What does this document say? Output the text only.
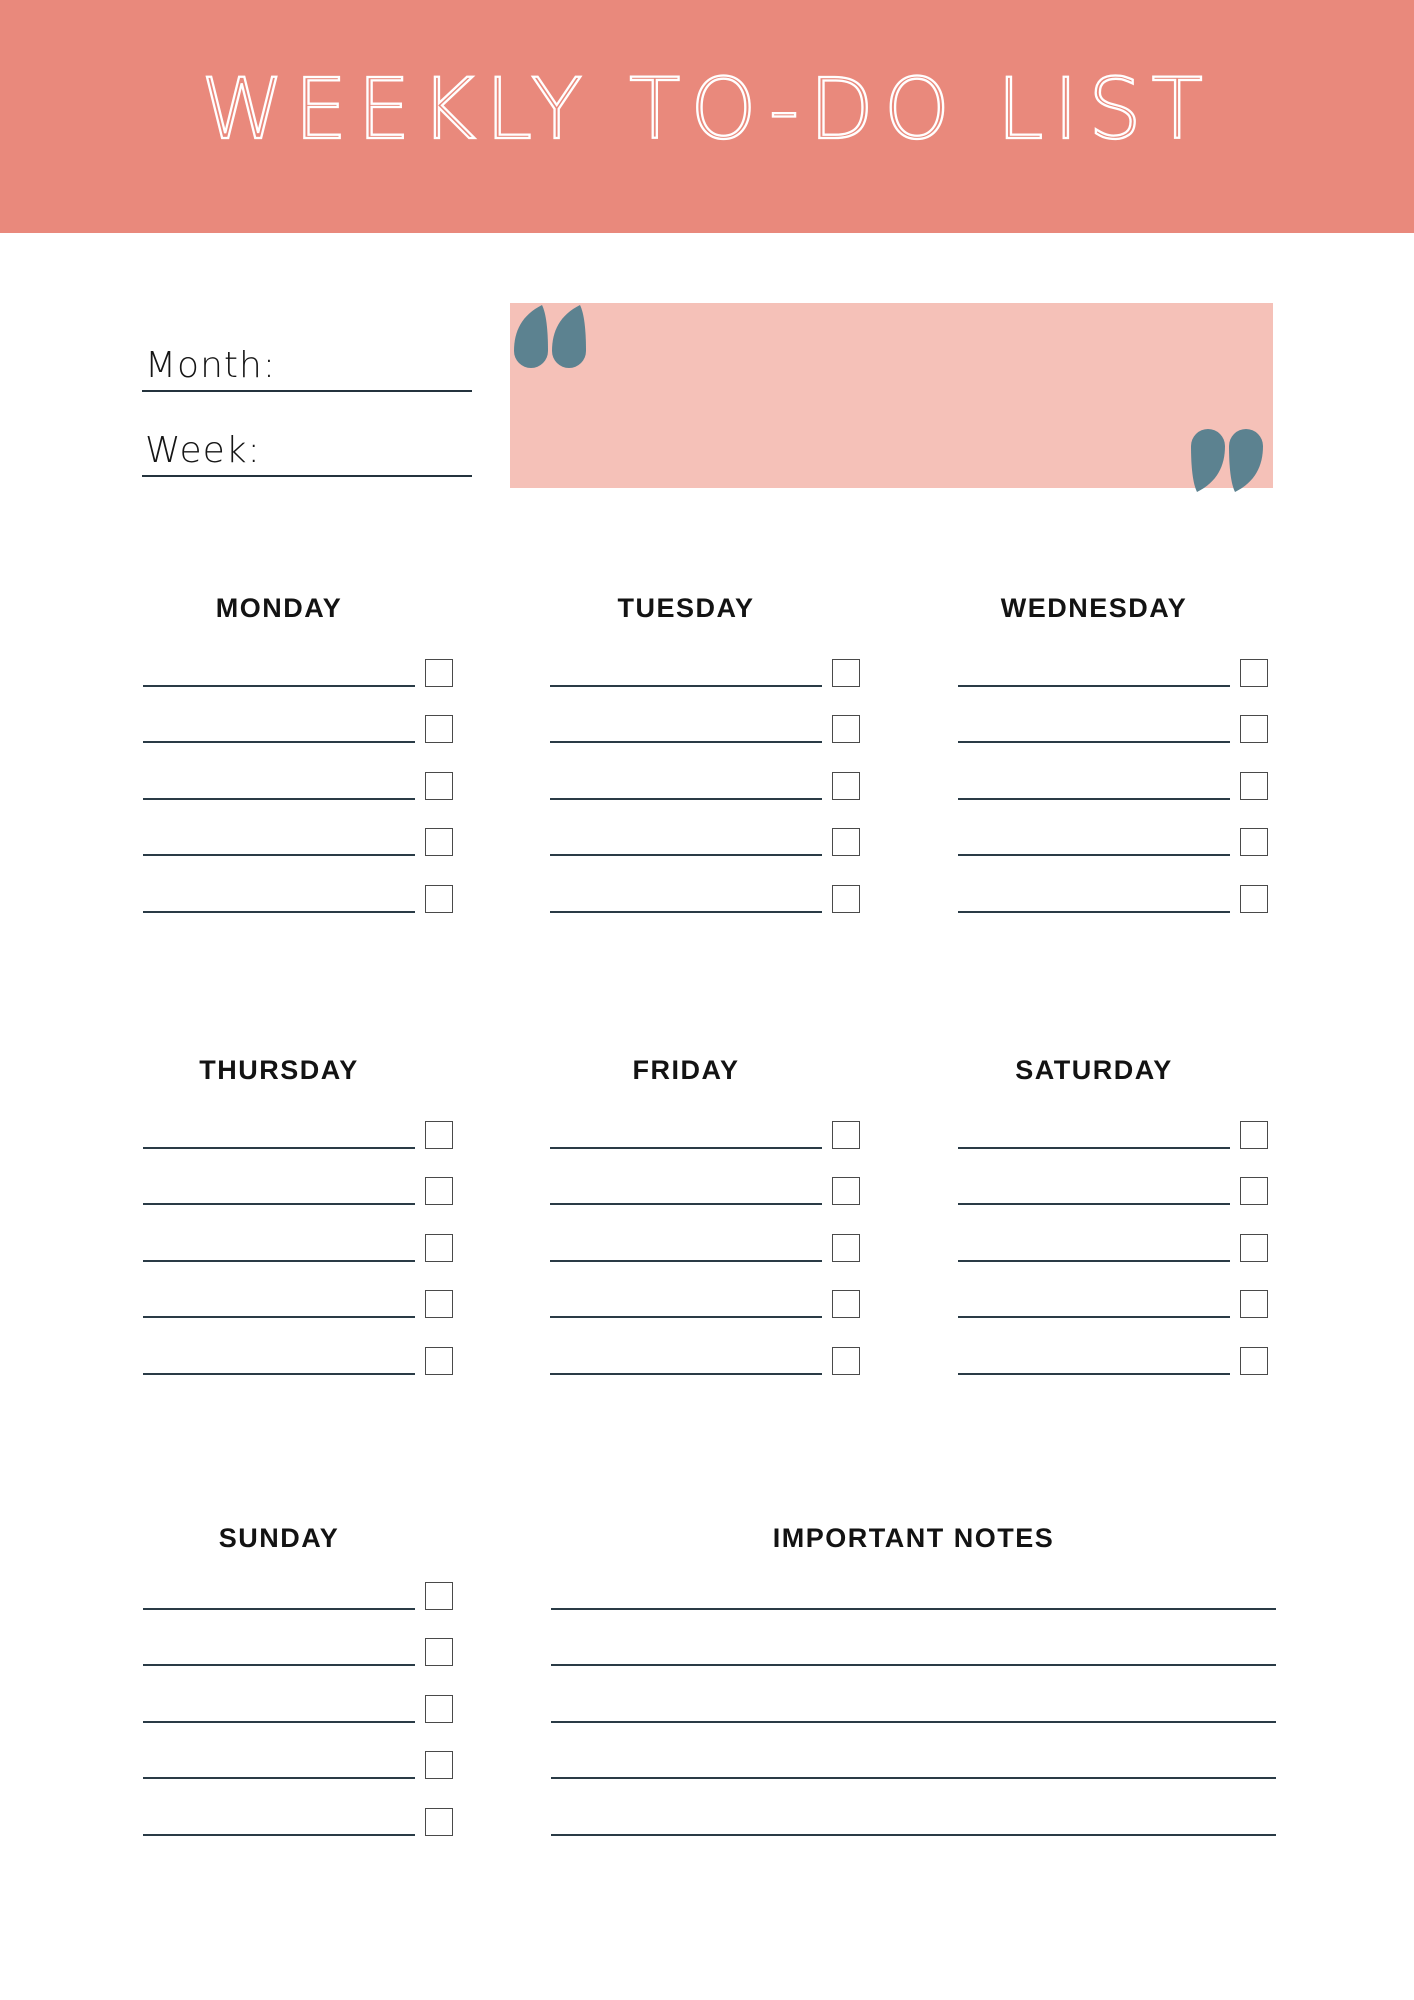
WEEKLY TO-DO LIST
Month:
Week:
MONDAY	TUESDAY	WEDNESDAY
THURSDAY	FRIDAY	SATURDAY
SUNDAY	IMPORTANT NOTES
